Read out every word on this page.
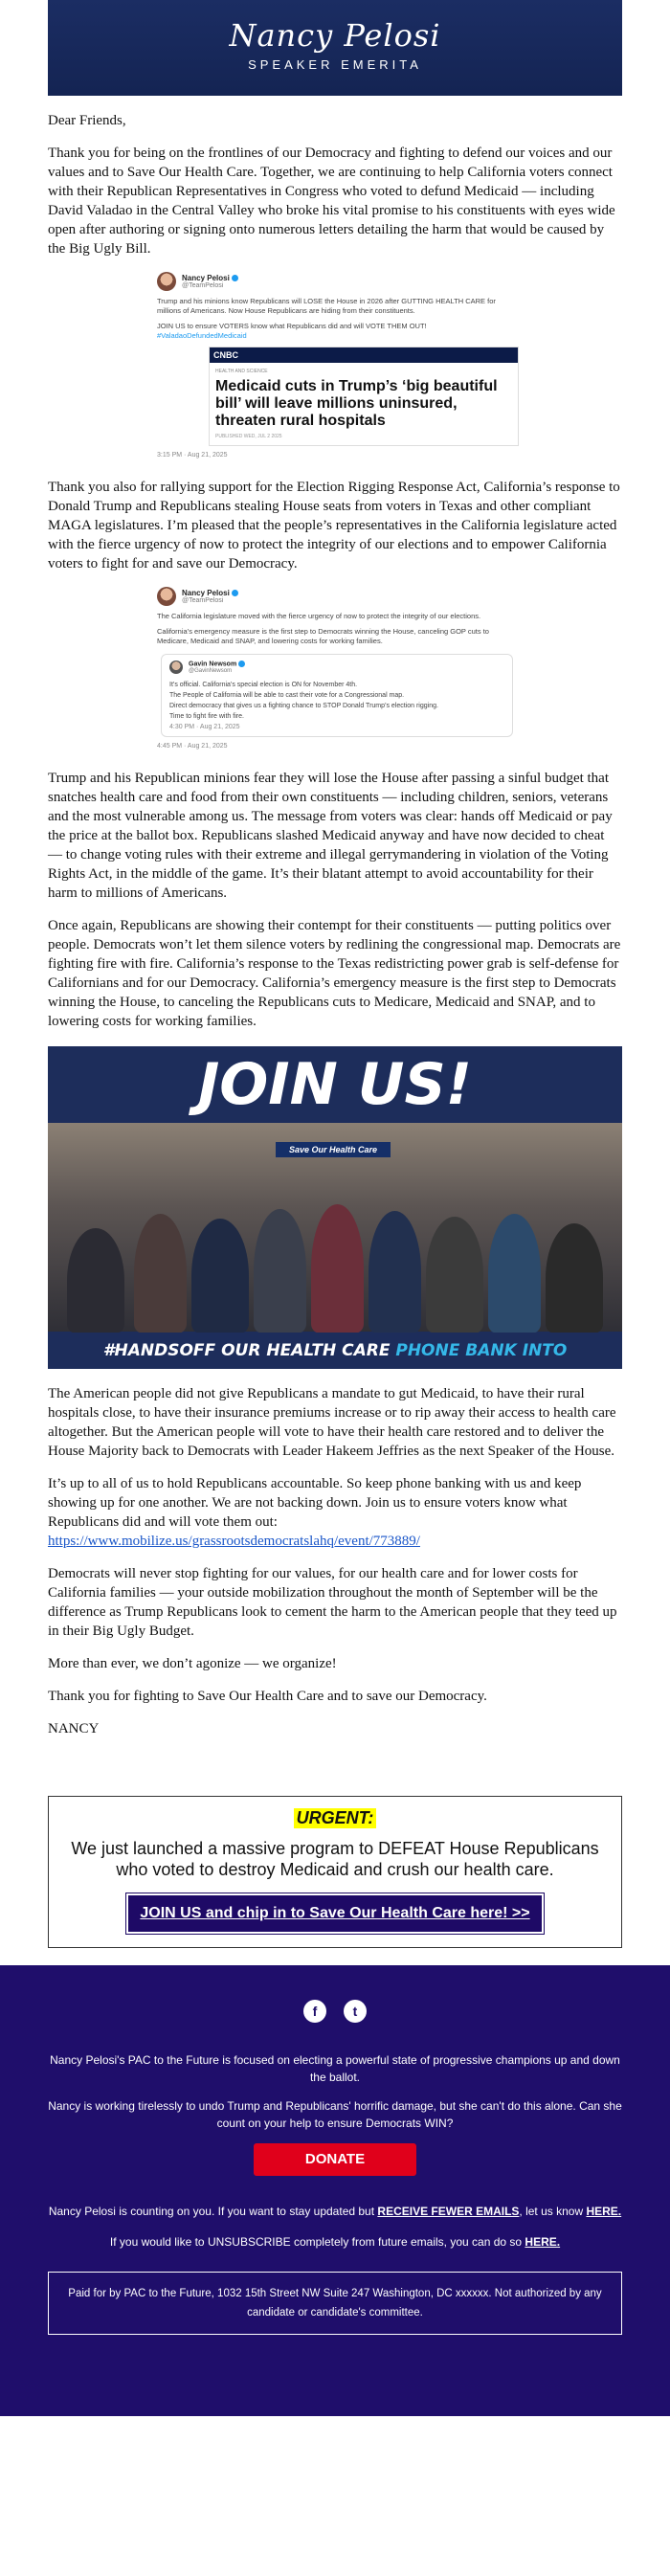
Nancy Pelosi
SPEAKER EMERITA

Dear Friends,

Thank you for being on the frontlines of our Democracy and fighting to defend our voices and our values and to Save Our Health Care. Together, we are continuing to help California voters connect with their Republican Representatives in Congress who voted to defund Medicaid — including David Valadao in the Central Valley who broke his vital promise to his constituents with eyes wide open after authoring or signing onto numerous letters detailing the harm that would be caused by the Big Ugly Bill.

Nancy Pelosi
@TeamPelosi
Trump and his minions know Republicans will LOSE the House in 2026 after GUTTING HEALTH CARE for millions of Americans. Now House Republicans are hiding from their constituents.
JOIN US to ensure VOTERS know what Republicans did and will VOTE THEM OUT!
#ValadaoDefundedMedicaid
CNBC
HEALTH AND SCIENCE
Medicaid cuts in Trump’s ‘big beautiful bill’ will leave millions uninsured, threaten rural hospitals
PUBLISHED WED, JUL 2 2025
3:15 PM · Aug 21, 2025

Thank you also for rallying support for the Election Rigging Response Act, California’s response to Donald Trump and Republicans stealing House seats from voters in Texas and other compliant MAGA legislatures. I’m pleased that the people’s representatives in the California legislature acted with the fierce urgency of now to protect the integrity of our elections and to empower California voters to fight for and save our Democracy.

Nancy Pelosi
@TeamPelosi
The California legislature moved with the fierce urgency of now to protect the integrity of our elections.
California’s emergency measure is the first step to Democrats winning the House, canceling GOP cuts to Medicare, Medicaid and SNAP, and lowering costs for working families.
Gavin Newsom
@GavinNewsom
It’s official. California’s special election is ON for November 4th.
The People of California will be able to cast their vote for a Congressional map.
Direct democracy that gives us a fighting chance to STOP Donald Trump’s election rigging.
Time to fight fire with fire.
4:30 PM · Aug 21, 2025
4:45 PM · Aug 21, 2025

Trump and his Republican minions fear they will lose the House after passing a sinful budget that snatches health care and food from their own constituents — including children, seniors, veterans and the most vulnerable among us. The message from voters was clear: hands off Medicaid or pay the price at the ballot box. Republicans slashed Medicaid anyway and have now decided to cheat — to change voting rules with their extreme and illegal gerrymandering in violation of the Voting Rights Act, in the middle of the game. It’s their blatant attempt to avoid accountability for their harm to millions of Americans.

Once again, Republicans are showing their contempt for their constituents — putting politics over people. Democrats won’t let them silence voters by redlining the congressional map. Democrats are fighting fire with fire. California’s response to the Texas redistricting power grab is self-defense for Californians and for our Democracy. California’s emergency measure is the first step to Democrats winning the House, to canceling the Republicans cuts to Medicare, Medicaid and SNAP, and to lowering costs for working families.

JOIN US!
Save Our Health Care
#HANDSOFF OUR HEALTH CARE PHONE BANK INTO

The American people did not give Republicans a mandate to gut Medicaid, to have their rural hospitals close, to have their insurance premiums increase or to rip away their access to health care altogether. But the American people will vote to have their health care restored and to deliver the House Majority back to Democrats with Leader Hakeem Jeffries as the next Speaker of the House.

It’s up to all of us to hold Republicans accountable. So keep phone banking with us and keep showing up for one another. We are not backing down. Join us to ensure voters know what Republicans did and will vote them out:
https://www.mobilize.us/grassrootsdemocratslahq/event/773889/

Democrats will never stop fighting for our values, for our health care and for lower costs for California families — your outside mobilization throughout the month of September will be the difference as Trump Republicans look to cement the harm to the American people that they teed up in their Big Ugly Budget.

More than ever, we don’t agonize — we organize!

Thank you for fighting to Save Our Health Care and to save our Democracy.

NANCY

URGENT:
We just launched a massive program to DEFEAT House Republicans who voted to destroy Medicaid and crush our health care.
JOIN US and chip in to Save Our Health Care here! >>
f	t
Nancy Pelosi's PAC to the Future is focused on electing a powerful state of progressive champions up and down the ballot.
Nancy is working tirelessly to undo Trump and Republicans' horrific damage, but she can't do this alone. Can she count on your help to ensure Democrats WIN?
DONATE
Nancy Pelosi is counting on you. If you want to stay updated but RECEIVE FEWER EMAILS, let us know HERE.
If you would like to UNSUBSCRIBE completely from future emails, you can do so HERE.
Paid for by PAC to the Future, 1032 15th Street NW Suite 247 Washington, DC xxxxxx. Not authorized by any candidate or candidate's committee.
